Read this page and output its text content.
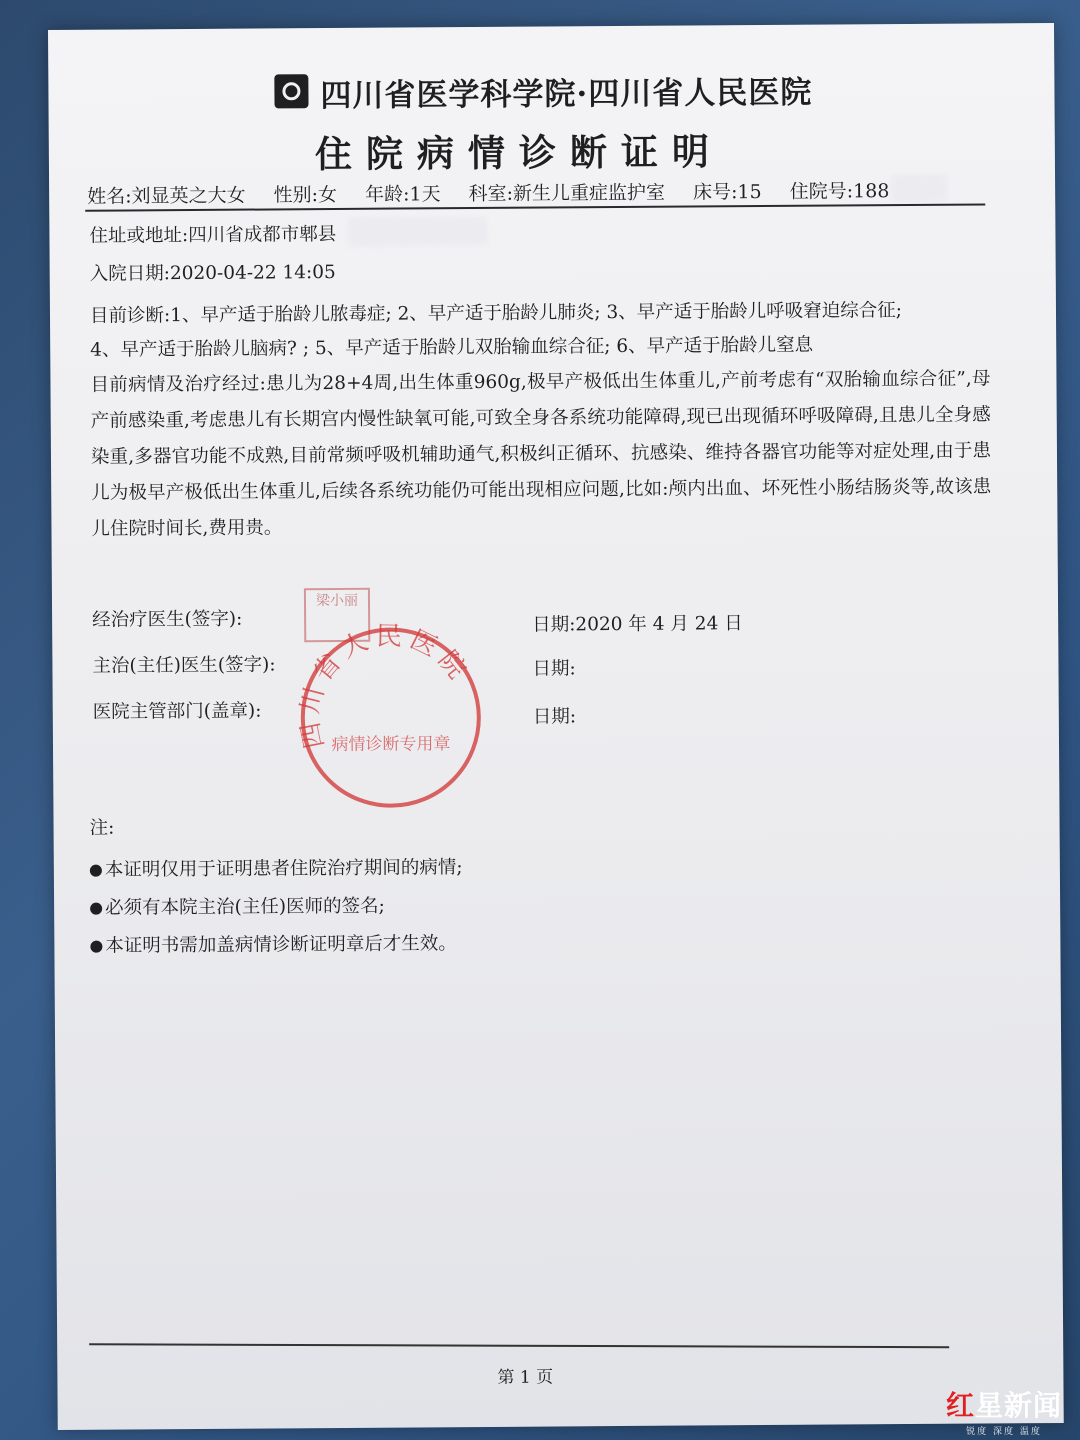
四川省医学科学院·四川省人民医院
住院病情诊断证明
姓名:刘显英之大女 性别:女 年龄:1天 科室:新生儿重症监护室 床号:15 住院号:188
住址或地址:四川省成都市郫县
入院日期:2020-04-22 14:05
目前诊断:1、早产适于胎龄儿脓毒症; 2、早产适于胎龄儿肺炎; 3、早产适于胎龄儿呼吸窘迫综合征;
4、早产适于胎龄儿脑病? ; 5、早产适于胎龄儿双胎输血综合征; 6、早产适于胎龄儿窒息
目前病情及治疗经过:患儿为28+4周,出生体重960g,极早产极低出生体重儿,产前考虑有“双胎输血综合征”,母产前感染重,考虑患儿有长期宫内慢性缺氧可能,可致全身各系统功能障碍,现已出现循环呼吸障碍,且患儿全身感染重,多器官功能不成熟,目前常频呼吸机辅助通气,积极纠正循环、抗感染、维持各器官功能等对症处理,由于患儿为极早产极低出生体重儿,后续各系统功能仍可能出现相应问题,比如:颅内出血、坏死性小肠结肠炎等,故该患儿住院时间长,费用贵。
经治疗医生(签字):
主治(主任)医生(签字):
医院主管部门(盖章):
日期:2020 年 4 月 24 日
日期:
日期:
梁小丽
四川省人民医院
病情诊断专用章
注:
本证明仅用于证明患者住院治疗期间的病情;
必须有本院主治(主任)医师的签名;
本证明书需加盖病情诊断证明章后才生效。
第 1 页
红星新闻
锐度 深度 温度
